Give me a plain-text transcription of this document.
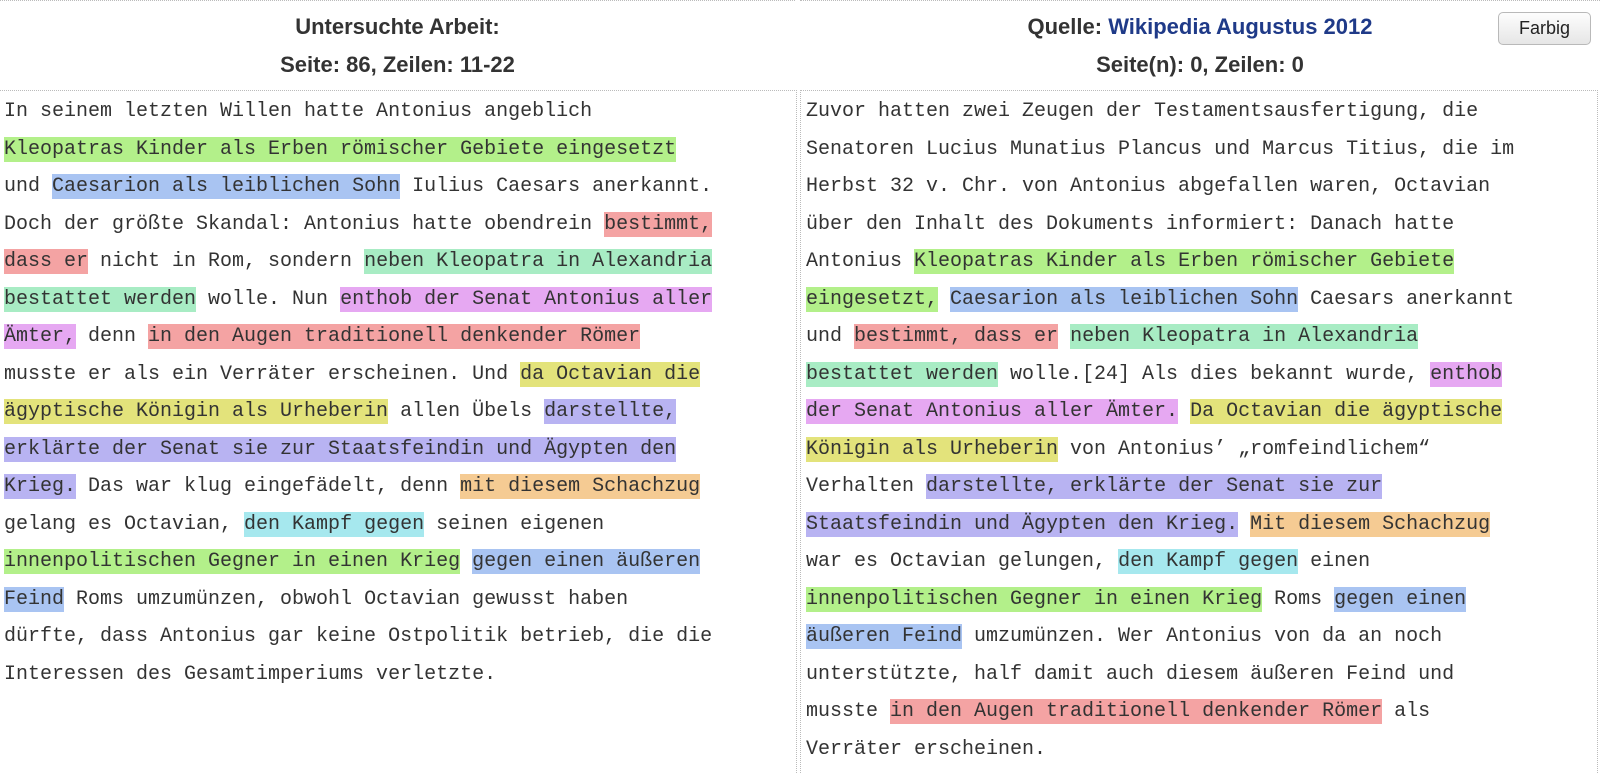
Untersuchte Arbeit:
Seite: 86, Zeilen: 11-22
Quelle: Wikipedia Augustus 2012
Seite(n): 0, Zeilen: 0
Farbig
In seinem letzten Willen hatte Antonius angeblich
Kleopatras Kinder als Erben römischer Gebiete eingesetzt
und Caesarion als leiblichen Sohn Iulius Caesars anerkannt.
Doch der größte Skandal: Antonius hatte obendrein bestimmt,
dass er nicht in Rom, sondern neben Kleopatra in Alexandria
bestattet werden wolle. Nun enthob der Senat Antonius aller
Ämter, denn in den Augen traditionell denkender Römer
musste er als ein Verräter erscheinen. Und da Octavian die
ägyptische Königin als Urheberin allen Übels darstellte,
erklärte der Senat sie zur Staatsfeindin und Ägypten den
Krieg. Das war klug eingefädelt, denn mit diesem Schachzug
gelang es Octavian, den Kampf gegen seinen eigenen
innenpolitischen Gegner in einen Krieg gegen einen äußeren
Feind Roms umzumünzen, obwohl Octavian gewusst haben
dürfte, dass Antonius gar keine Ostpolitik betrieb, die die
Interessen des Gesamtimperiums verletzte.
Zuvor hatten zwei Zeugen der Testamentsausfertigung, die
Senatoren Lucius Munatius Plancus und Marcus Titius, die im
Herbst 32 v. Chr. von Antonius abgefallen waren, Octavian
über den Inhalt des Dokuments informiert: Danach hatte
Antonius Kleopatras Kinder als Erben römischer Gebiete
eingesetzt, Caesarion als leiblichen Sohn Caesars anerkannt
und bestimmt, dass er neben Kleopatra in Alexandria
bestattet werden wolle.[24] Als dies bekannt wurde, enthob
der Senat Antonius aller Ämter. Da Octavian die ägyptische
Königin als Urheberin von Antonius’ „romfeindlichem“
Verhalten darstellte, erklärte der Senat sie zur
Staatsfeindin und Ägypten den Krieg. Mit diesem Schachzug
war es Octavian gelungen, den Kampf gegen einen
innenpolitischen Gegner in einen Krieg Roms gegen einen
äußeren Feind umzumünzen. Wer Antonius von da an noch
unterstützte, half damit auch diesem äußeren Feind und
musste in den Augen traditionell denkender Römer als
Verräter erscheinen.
